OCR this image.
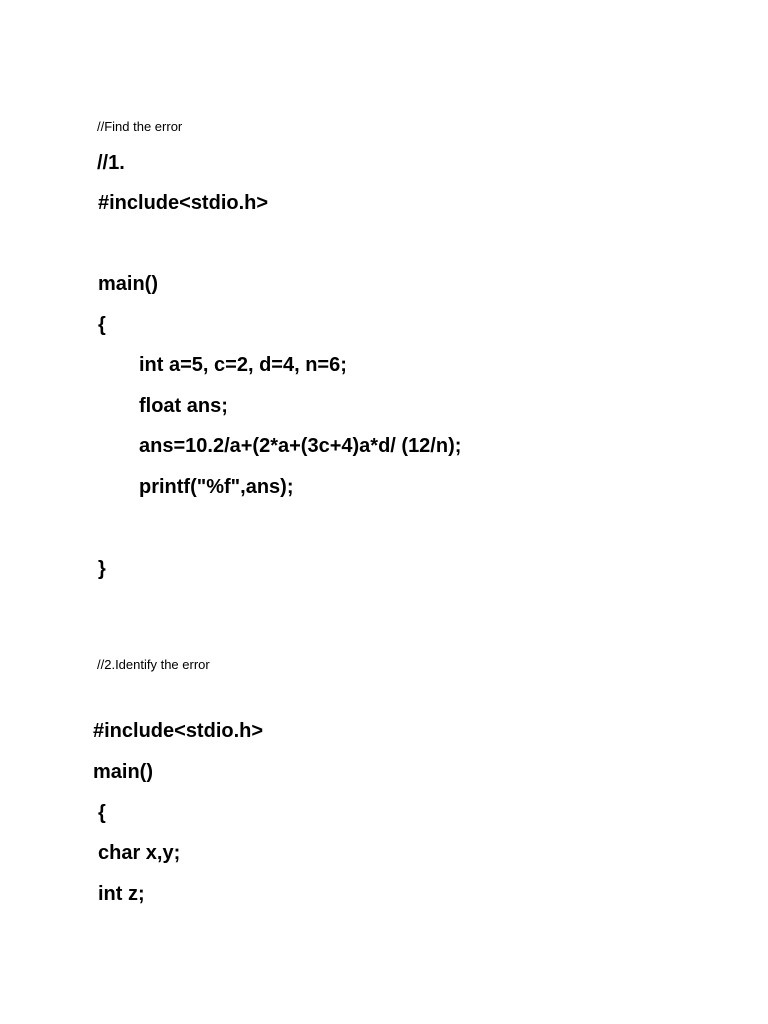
//Find the error
//1.
#include<stdio.h>
main()
{
int a=5, c=2, d=4, n=6;
float ans;
ans=10.2/a+(2*a+(3c+4)a*d/ (12/n);
printf("%f",ans);
}
//2.Identify the error
#include<stdio.h>
main()
{
char x,y;
int z;
